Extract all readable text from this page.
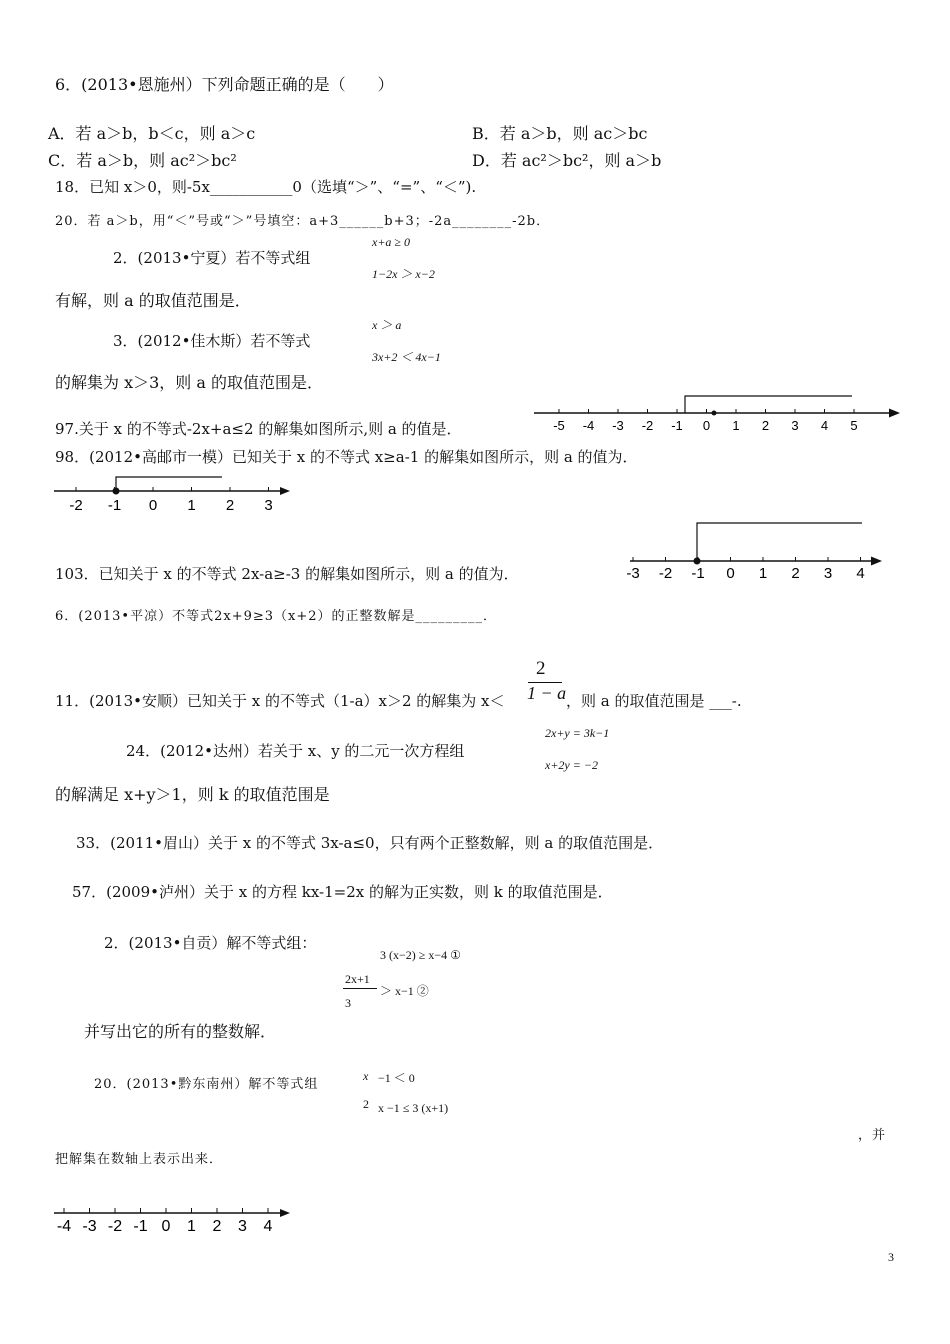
6．(2013•恩施州）下列命题正确的是（　　）
A．若 a＞b，b＜c，则 a＞c	B．若 a＞b，则 ac＞bc
C．若 a＞b，则 ac²＞bc²	D．若 ac²＞bc²，则 a＞b
18．已知 x＞0，则-5x___________0（选填“＞”、“=”、“＜”).
20．若 a＞b，用“＜”号或“＞”号填空：a+3______b+3；-2a________-2b．
2．(2013•宁夏）若不等式组
x+a ≥ 0
1−2x ＞ x−2
有解，则 a 的取值范围是．
3．(2012•佳木斯）若不等式
x ＞ a
3x+2 ＜ 4x−1
的解集为 x＞3，则 a 的取值范围是．
97.关于 x 的不等式-2x+a≤2 的解集如图所示,则 a 的值是．	-5 -4 -3 -2 -1 0 1 2 3 4 5
98．(2012•高邮市一模）已知关于 x 的不等式 x≥a-1 的解集如图所示，则 a 的值为．
-2 -1 0 1 2 3
103．已知关于 x 的不等式 2x-a≥-3 的解集如图所示，则 a 的值为．	-3 -2 -1 0 1 2 3 4
6．(2013•平凉）不等式2x+9≥3（x+2）的正整数解是_________．
11．(2013•安顺）已知关于 x 的不等式（1-a）x＞2 的解集为 x＜
2
1 − a ，则 a 的取值范围是 ___-.
24．(2012•达州）若关于 x、y 的二元一次方程组
2x+y = 3k−1
x+2y = −2
的解满足 x+y＞1，则 k 的取值范围是
33．(2011•眉山）关于 x 的不等式 3x-a≤0，只有两个正整数解，则 a 的取值范围是．
57．(2009•泸州）关于 x 的方程 kx-1=2x 的解为正实数，则 k 的取值范围是．
2．(2013•自贡）解不等式组：
3 (x−2) ≥ x−4 ①
2x+1
3
＞ x−1 ②
并写出它的所有的整数解．
20．(2013•黔东南州）解不等式组
x
2
−1 ＜ 0
x −1 ≤ 3 (x+1)
，并
把解集在数轴上表示出来．
-4 -3 -2 -1 0 1 2 3 4
3
